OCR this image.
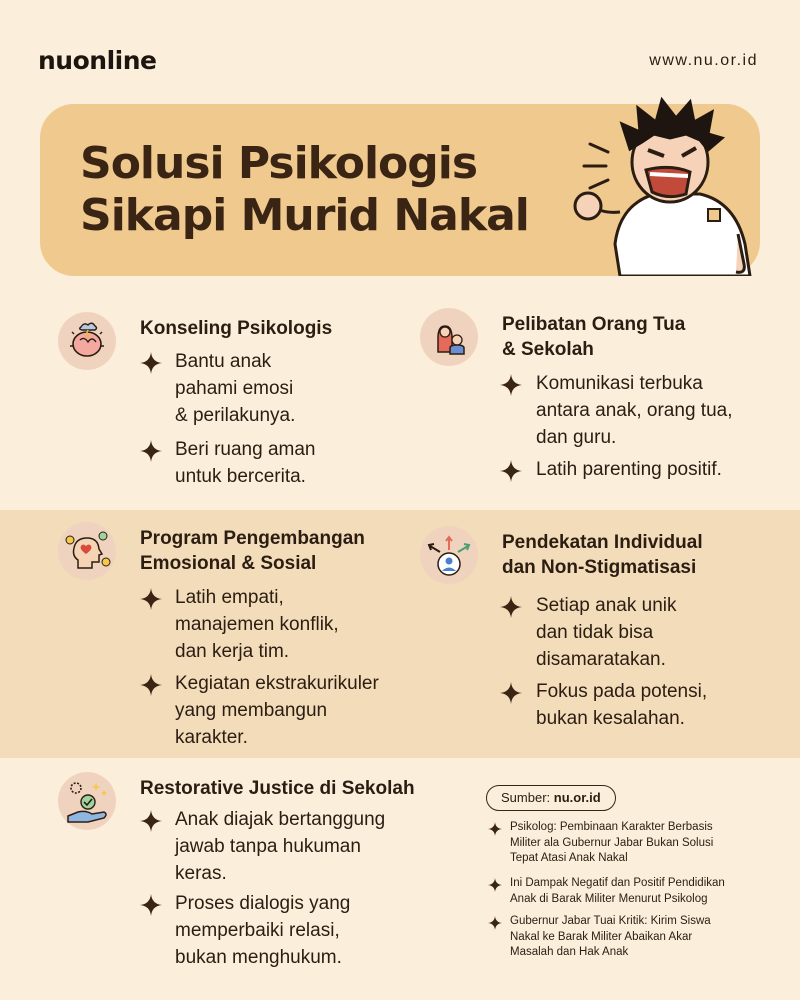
nuonline	www.nu.or.id
Solusi Psikologis
Sikapi Murid Nakal
Konseling Psikologis
Bantu anak
pahami emosi
& perilakunya.
Beri ruang aman
untuk bercerita.
Pelibatan Orang Tua
& Sekolah
Komunikasi terbuka
antara anak, orang tua,
dan guru.
Latih parenting positif.
Program Pengembangan
Emosional & Sosial
Latih empati,
manajemen konflik,
dan kerja tim.
Kegiatan ekstrakurikuler
yang membangun
karakter.
Pendekatan Individual
dan Non-Stigmatisasi
Setiap anak unik
dan tidak bisa
disamaratakan.
Fokus pada potensi,
bukan kesalahan.
Restorative Justice di Sekolah
Anak diajak bertanggung
jawab tanpa hukuman
keras.
Proses dialogis yang
memperbaiki relasi,
bukan menghukum.
Sumber: nu.or.id
Psikolog: Pembinaan Karakter Berbasis
Militer ala Gubernur Jabar Bukan Solusi
Tepat Atasi Anak Nakal
Ini Dampak Negatif dan Positif Pendidikan
Anak di Barak Militer Menurut Psikolog
Gubernur Jabar Tuai Kritik: Kirim Siswa
Nakal ke Barak Militer Abaikan Akar
Masalah dan Hak Anak
